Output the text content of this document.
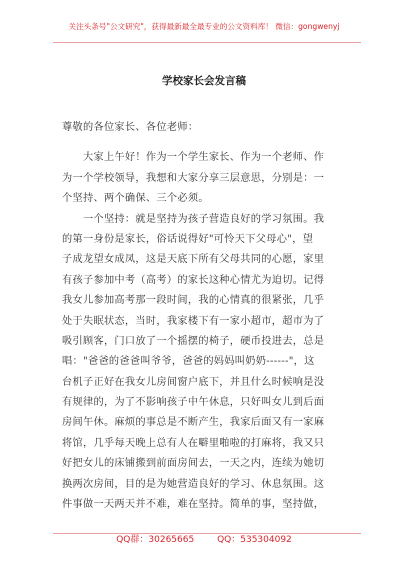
关注头条号"公文研究"，获得最新最全最专业的公文资料库！ 微信：gongwenyj
学校家长会发言稿
尊敬的各位家长、各位老师：

　　大家上午好！作为一个学生家长、作为一个老师、作
为一个学校领导，我想和大家分享三层意思，分别是：一
个坚持、两个确保、三个必须。

　　一个坚持：就是坚持为孩子营造良好的学习氛围。我
的第一身份是家长，俗话说得好"可怜天下父母心"，望
子成龙望女成凤，这是天底下所有父母共同的心愿，家里
有孩子参加中考（高考）的家长这种心情尤为迫切。记得
我女儿参加高考那一段时间，我的心情真的很紧张，几乎
处于失眠状态，当时，我家楼下有一家小超市，超市为了
吸引顾客，门口放了一个摇摆的椅子，硬币投进去，总是
唱："爸爸的爸爸叫爷爷，爸爸的妈妈叫奶奶------"，这
台机子正好在我女儿房间窗户底下，并且什么时候响是没
有规律的，为了不影响孩子中午休息，只好叫女儿到后面
房间午休。麻烦的事总是不断产生，我家后面又有一家麻
将馆，几乎每天晚上总有人在噼里啪啦的打麻将，我又只
好把女儿的床铺搬到前面房间去，一天之内，连续为她切
换两次房间，目的是为她营造良好的学习、休息氛围。这
件事做一天两天并不难，难在坚持。简单的事，坚持做，

QQ群：30265665	QQ：535304092
